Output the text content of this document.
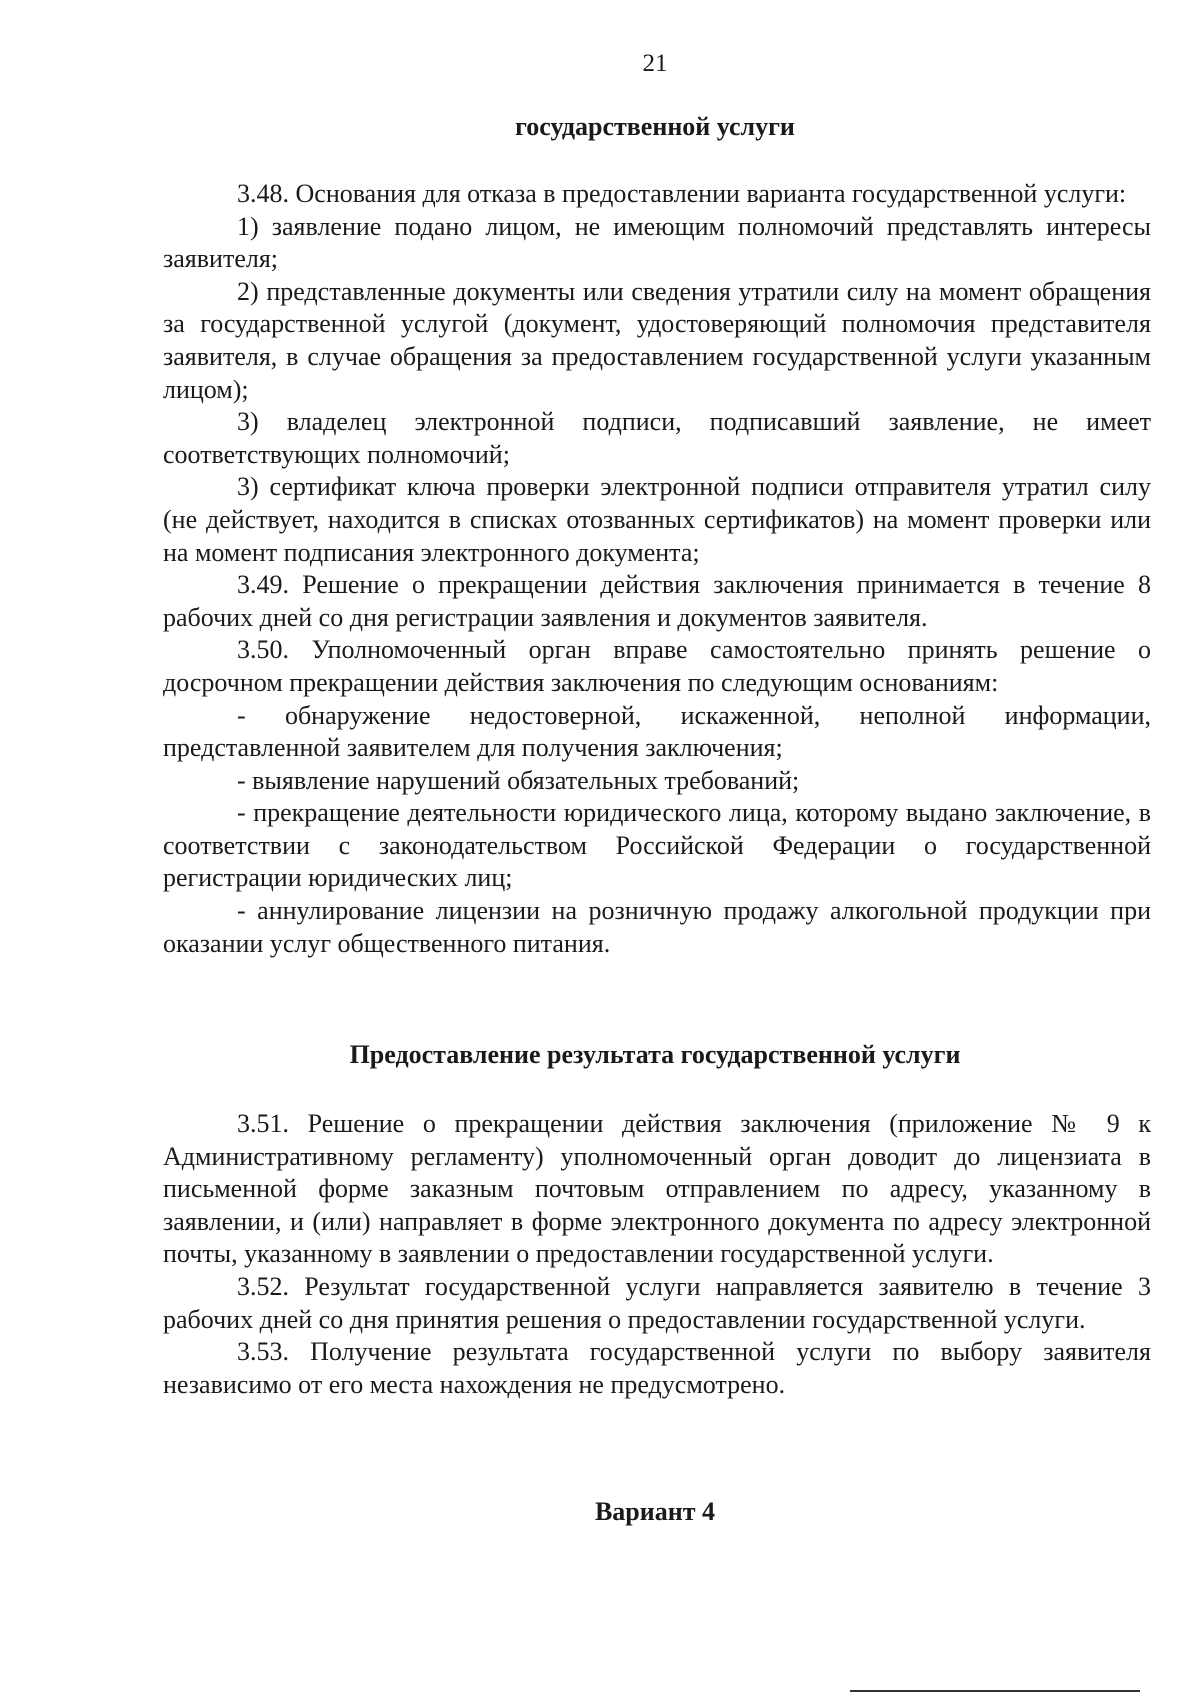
21
государственной услуги

3.48. Основания для отказа в предоставлении варианта государственной услуги:

1) заявление подано лицом, не имеющим полномочий представлять интересы заявителя;

2) представленные документы или сведения утратили силу на момент обращения за государственной услугой (документ, удостоверяющий полномочия представителя заявителя, в случае обращения за предоставлением государственной услуги указанным лицом);

3) владелец электронной подписи, подписавший заявление, не имеет соответствующих полномочий;

3) сертификат ключа проверки электронной подписи отправителя утратил силу (не действует, находится в списках отозванных сертификатов) на момент проверки или на момент подписания электронного документа;

3.49. Решение о прекращении действия заключения принимается в течение 8 рабочих дней со дня регистрации заявления и документов заявителя.

3.50. Уполномоченный орган вправе самостоятельно принять решение о досрочном прекращении действия заключения по следующим основаниям:

- обнаружение недостоверной, искаженной, неполной информации, представленной заявителем для получения заключения;

- выявление нарушений обязательных требований;

- прекращение деятельности юридического лица, которому выдано заключение, в соответствии с законодательством Российской Федерации о государственной регистрации юридических лиц;

- аннулирование лицензии на розничную продажу алкогольной продукции при оказании услуг общественного питания.

Предоставление результата государственной услуги

3.51. Решение о прекращении действия заключения (приложение № 9 к Административному регламенту) уполномоченный орган доводит до лицензиата в письменной форме заказным почтовым отправлением по адресу, указанному в заявлении, и (или) направляет в форме электронного документа по адресу электронной почты, указанному в заявлении о предоставлении государственной услуги.

3.52. Результат государственной услуги направляется заявителю в течение 3 рабочих дней со дня принятия решения о предоставлении государственной услуги.

3.53. Получение результата государственной услуги по выбору заявителя независимо от его места нахождения не предусмотрено.

Вариант 4
